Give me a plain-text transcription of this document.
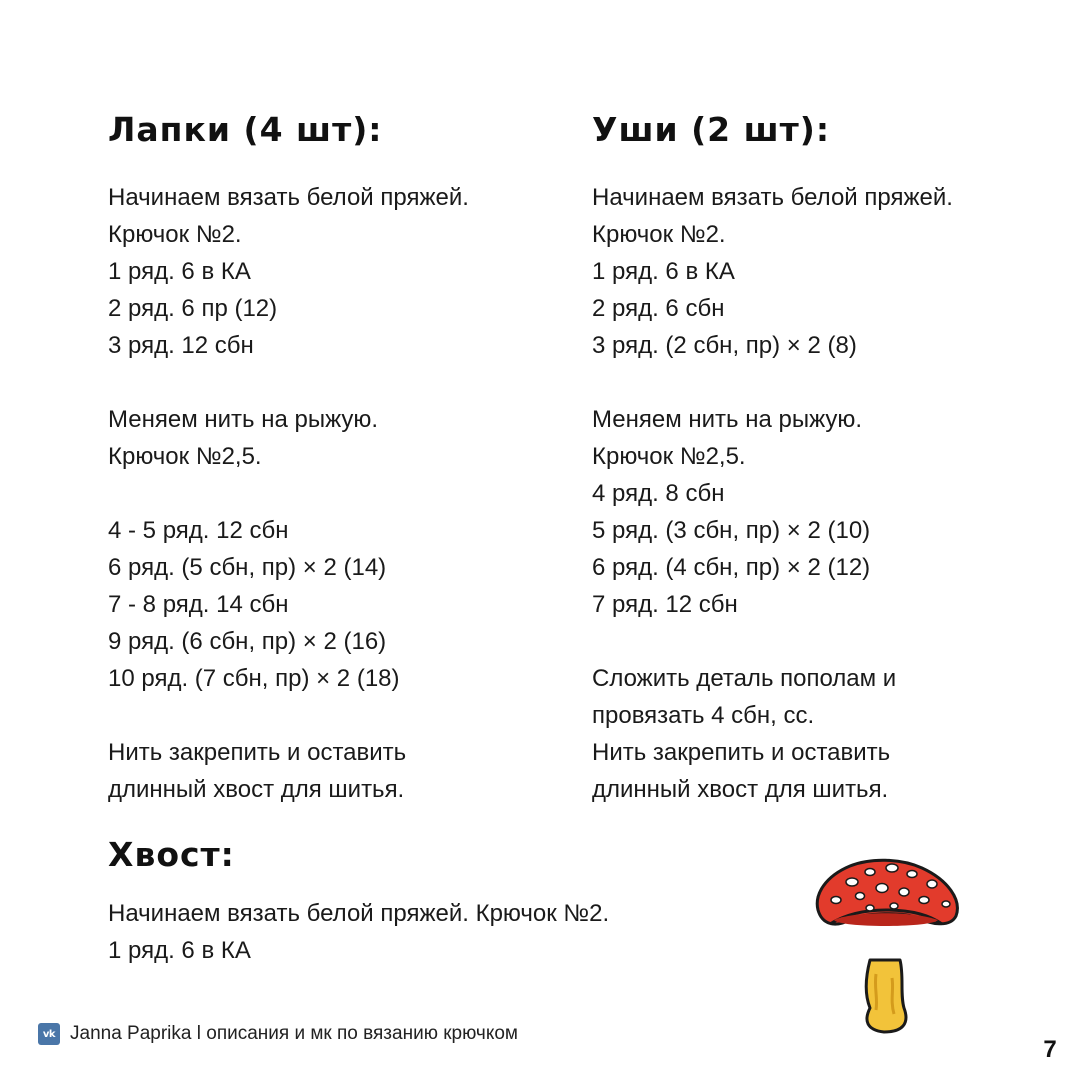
Лапки (4 шт):
Начинаем вязать белой пряжей.
Крючок №2.
1 ряд. 6 в КА
2 ряд. 6 пр (12)
3 ряд. 12 сбн
Меняем нить на рыжую.
Крючок №2,5.
4 - 5 ряд. 12 сбн
6 ряд. (5 сбн, пр) × 2 (14)
7 - 8 ряд. 14 сбн
9 ряд. (6 сбн, пр) × 2 (16)
10 ряд. (7 сбн, пр) × 2 (18)
Нить закрепить и оставить
длинный хвост для шитья.
Уши (2 шт):
Начинаем вязать белой пряжей.
Крючок №2.
1 ряд. 6 в КА
2 ряд. 6 сбн
3 ряд. (2 сбн, пр) × 2 (8)
Меняем нить на рыжую.
Крючок №2,5.
4 ряд. 8 сбн
5 ряд. (3 сбн, пр) × 2 (10)
6 ряд. (4 сбн, пр) × 2 (12)
7 ряд. 12 сбн
Сложить деталь пополам и
провязать 4 сбн, сс.
Нить закрепить и оставить
длинный хвост для шитья.
Хвост:
Начинаем вязать белой пряжей. Крючок №2.
1 ряд. 6 в КА
vk Janna Paprika l описания и мк по вязанию крючком
7
